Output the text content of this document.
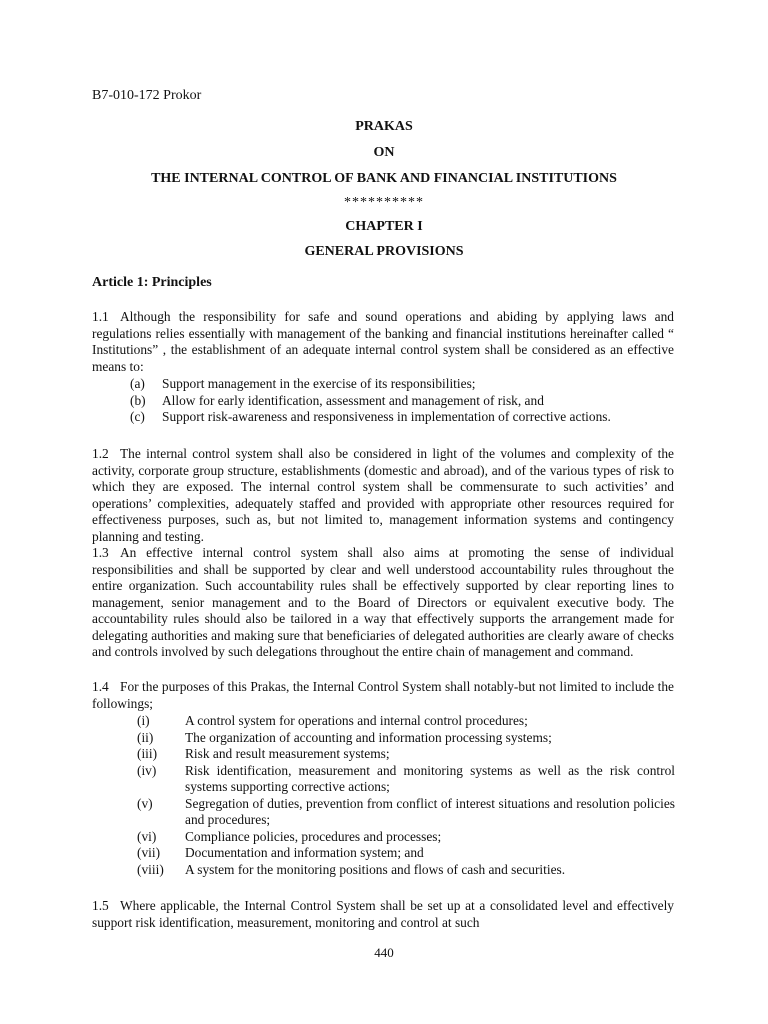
B7-010-172 Prokor
PRAKAS
ON
THE INTERNAL CONTROL OF BANK AND FINANCIAL INSTITUTIONS
**********
CHAPTER I
GENERAL PROVISIONS
Article 1: Principles

1.1 Although the responsibility for safe and sound operations and abiding by applying laws and regulations relies essentially with management of the banking and financial institutions hereinafter called “ Institutions” , the establishment of an adequate internal control system shall be considered as an effective means to:

(a) Support management in the exercise of its responsibilities;
(b) Allow for early identification, assessment and management of risk, and
(c) Support risk-awareness and responsiveness in implementation of corrective actions.

1.2 The internal control system shall also be considered in light of the volumes and complexity of the activity, corporate group structure, establishments (domestic and abroad), and of the various types of risk to which they are exposed. The internal control system shall be commensurate to such activities’ and operations’ complexities, adequately staffed and provided with appropriate other resources required for effectiveness purposes, such as, but not limited to, management information systems and contingency planning and testing.

1.3 An effective internal control system shall also aims at promoting the sense of individual responsibilities and shall be supported by clear and well understood accountability rules throughout the entire organization. Such accountability rules shall be effectively supported by clear reporting lines to management, senior management and to the Board of Directors or equivalent executive body. The accountability rules should also be tailored in a way that effectively supports the arrangement made for delegating authorities and making sure that beneficiaries of delegated authorities are clearly aware of checks and controls involved by such delegations throughout the entire chain of management and command.

1.4 For the purposes of this Prakas, the Internal Control System shall notably-but not limited to include the followings;

(i)	A control system for operations and internal control procedures;
(ii) The organization of accounting and information processing systems;
(iii) Risk and result measurement systems;
(iv) Risk identification, measurement and monitoring systems as well as the risk control systems supporting corrective actions;
(v) Segregation of duties, prevention from conflict of interest situations and resolution policies and procedures;
(vi) Compliance policies, procedures and processes;
(vii) Documentation and information system; and
(viii) A system for the monitoring positions and flows of cash and securities.

1.5 Where applicable, the Internal Control System shall be set up at a consolidated level and effectively support risk identification, measurement, monitoring and control at such

440
